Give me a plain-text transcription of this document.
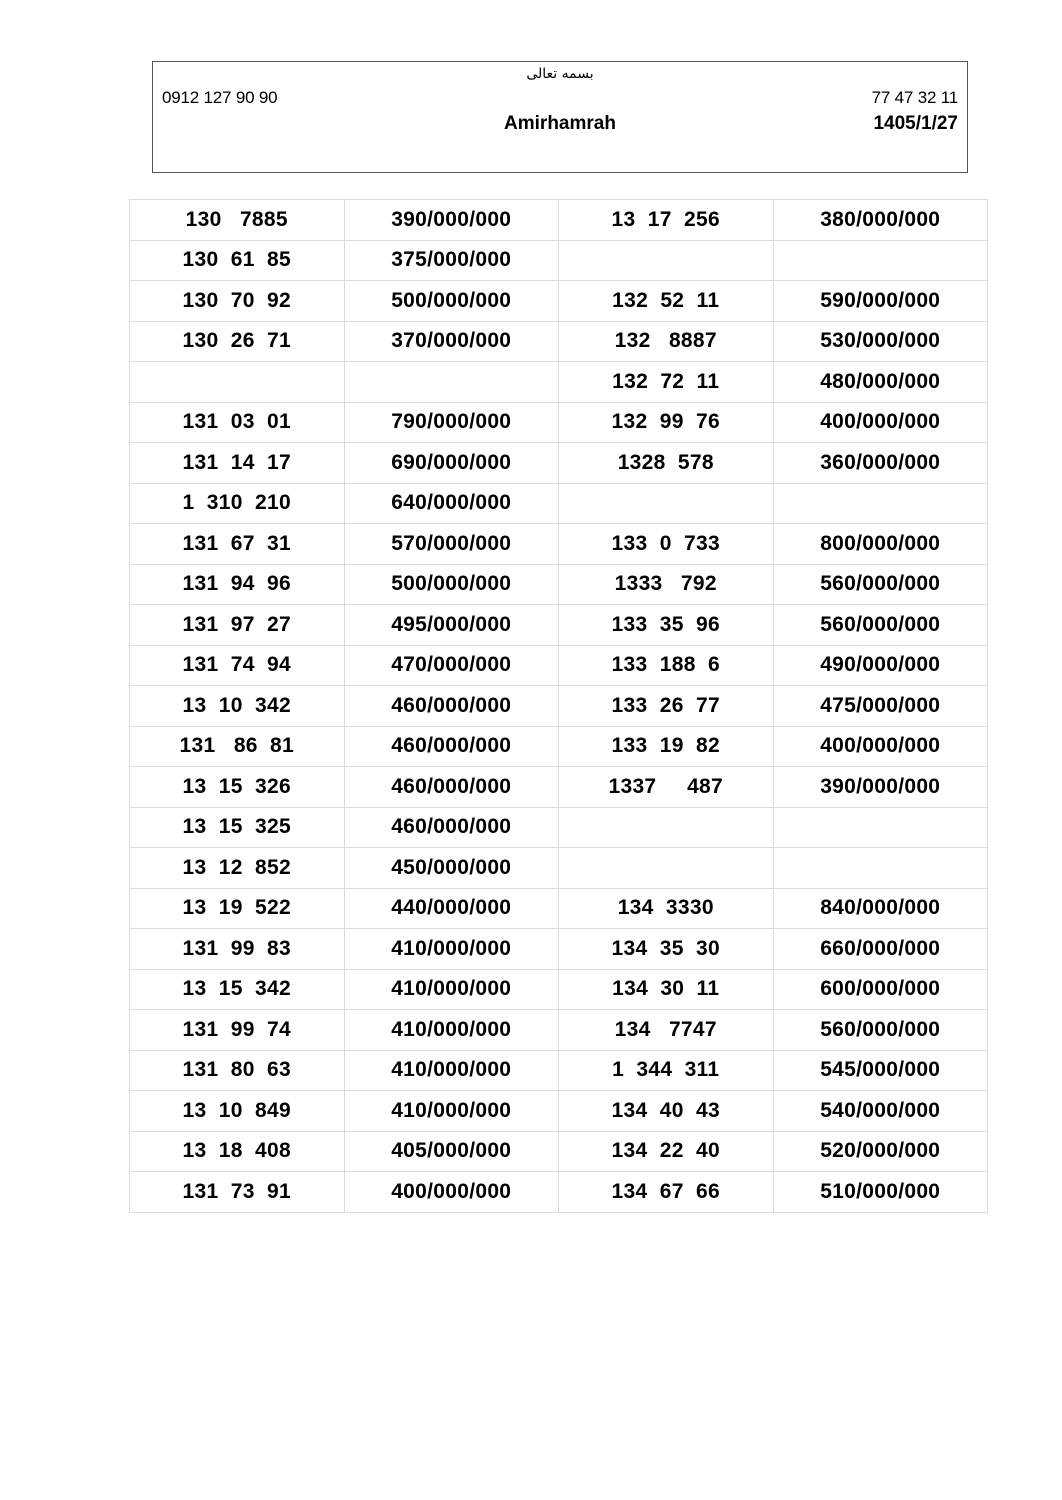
بسمه تعالی
0912 127 90 90	77 47 32 11
Amirhamrah	1405/1/27
130   7885	390/000/000	13  17  256	380/000/000
130  61  85	375/000/000		
130  70  92	500/000/000	132  52  11	590/000/000
130  26  71	370/000/000	132   8887	530/000/000
		132  72  11	480/000/000
131  03  01	790/000/000	132  99  76	400/000/000
131  14  17	690/000/000	1328  578	360/000/000
1  310  210	640/000/000		
131  67  31	570/000/000	133  0  733	800/000/000
131  94  96	500/000/000	1333   792	560/000/000
131  97  27	495/000/000	133  35  96	560/000/000
131  74  94	470/000/000	133  188  6	490/000/000
13  10  342	460/000/000	133  26  77	475/000/000
131   86  81	460/000/000	133  19  82	400/000/000
13  15  326	460/000/000	1337     487	390/000/000
13  15  325	460/000/000		
13  12  852	450/000/000		
13  19  522	440/000/000	134  3330	840/000/000
131  99  83	410/000/000	134  35  30	660/000/000
13  15  342	410/000/000	134  30  11	600/000/000
131  99  74	410/000/000	134   7747	560/000/000
131  80  63	410/000/000	1  344  311	545/000/000
13  10  849	410/000/000	134  40  43	540/000/000
13  18  408	405/000/000	134  22  40	520/000/000
131  73  91	400/000/000	134  67  66	510/000/000
